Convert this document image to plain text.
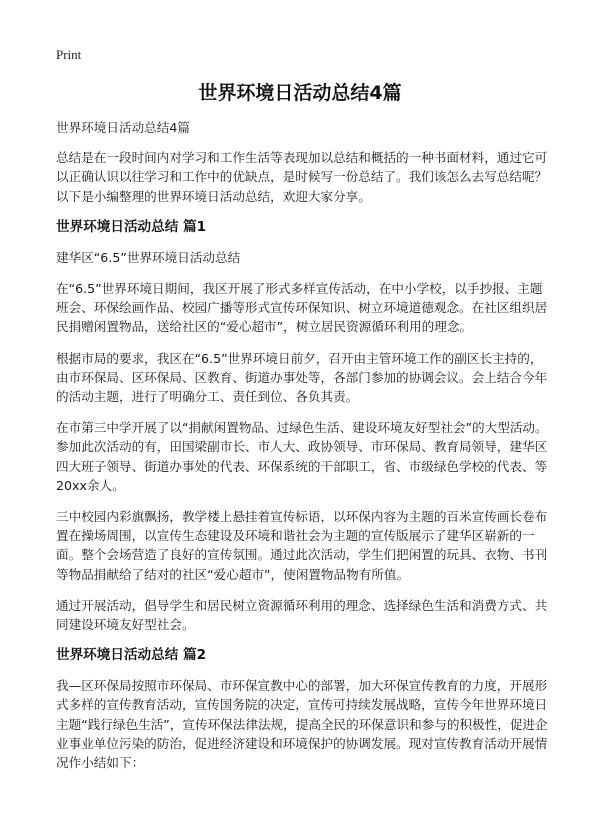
Print
世界环境日活动总结4篇

世界环境日活动总结4篇

总结是在一段时间内对学习和工作生活等表现加以总结和概括的一种书面材料，通过它可以正确认识以往学习和工作中的优缺点，是时候写一份总结了。我们该怎么去写总结呢？以下是小编整理的世界环境日活动总结，欢迎大家分享。

世界环境日活动总结 篇1

建华区“6.5”世界环境日活动总结

在“6.5”世界环境日期间，我区开展了形式多样宣传活动，在中小学校，以手抄报、主题班会、环保绘画作品、校园广播等形式宣传环保知识、树立环境道德观念。在社区组织居民捐赠闲置物品，送给社区的“爱心超市”，树立居民资源循环利用的理念。

根据市局的要求，我区在“6.5”世界环境日前夕，召开由主管环境工作的副区长主持的，由市环保局、区环保局、区教育、街道办事处等，各部门参加的协调会议。会上结合今年的活动主题，进行了明确分工、责任到位、各负其责。

在市第三中学开展了以“捐献闲置物品、过绿色生活、建设环境友好型社会”的大型活动。参加此次活动的有，田国梁副市长、市人大、政协领导、市环保局、教育局领导，建华区四大班子领导、街道办事处的代表、环保系统的干部职工，省、市级绿色学校的代表、等20xx余人。

三中校园内彩旗飘扬，教学楼上悬挂着宣传标语，以环保内容为主题的百米宣传画长卷布置在操场周围，以宣传生态建设及环境和谐社会为主题的宣传版展示了建华区崭新的一面。整个会场营造了良好的宣传氛围。通过此次活动，学生们把闲置的玩具、衣物、书刊等物品捐献给了结对的社区“爱心超市”，使闲置物品物有所值。

通过开展活动，倡导学生和居民树立资源循环利用的理念、选择绿色生活和消费方式、共同建设环境友好型社会。

世界环境日活动总结 篇2

我—区环保局按照市环保局、市环保宣教中心的部署，加大环保宣传教育的力度，开展形式多样的宣传教育活动，宣传国务院的决定，宣传可持续发展战略，宣传今年世界环境日主题“践行绿色生活”，宣传环保法律法规，提高全民的环保意识和参与的积极性，促进企业事业单位污染的防治，促进经济建设和环境保护的协调发展。现对宣传教育活动开展情况作小结如下：
